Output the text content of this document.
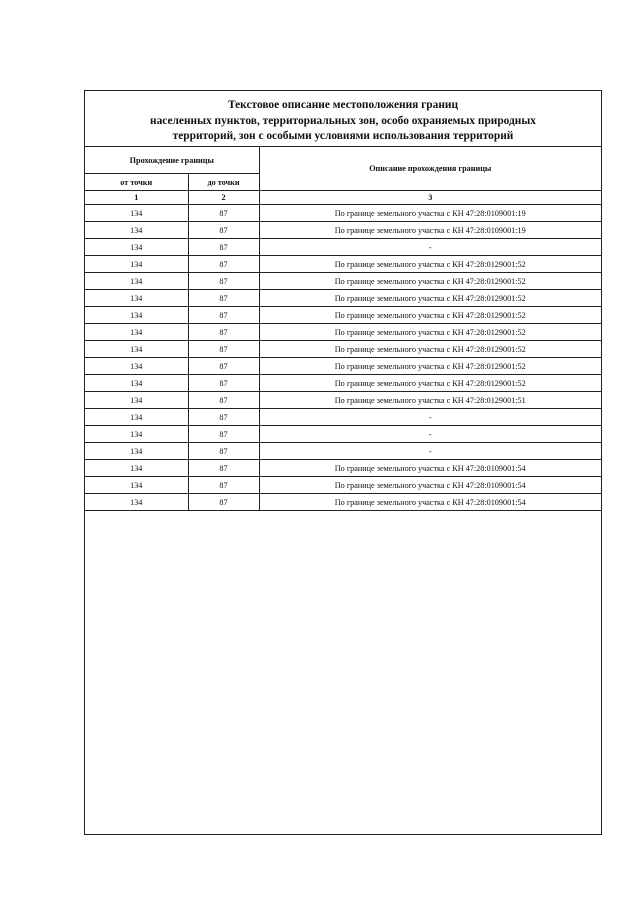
Текстовое описание местоположения границ
населенных пунктов, территориальных зон, особо охраняемых природных
территорий, зон с особыми условиями использования территорий
Прохождение границы		Описание прохождения границы
от точки	до точки	
1	2	3
134	87	По границе земельного участка с КН 47:28:0109001:19
134	87	По границе земельного участка с КН 47:28:0109001:19
134	87	-
134	87	По границе земельного участка с КН 47:28:0129001:52
134	87	По границе земельного участка с КН 47:28:0129001:52
134	87	По границе земельного участка с КН 47:28:0129001:52
134	87	По границе земельного участка с КН 47:28:0129001:52
134	87	По границе земельного участка с КН 47:28:0129001:52
134	87	По границе земельного участка с КН 47:28:0129001:52
134	87	По границе земельного участка с КН 47:28:0129001:52
134	87	По границе земельного участка с КН 47:28:0129001:52
134	87	По границе земельного участка с КН 47:28:0129001:51
134	87	-
134	87	-
134	87	-
134	87	По границе земельного участка с КН 47:28:0109001:54
134	87	По границе земельного участка с КН 47:28:0109001:54
134	87	По границе земельного участка с КН 47:28:0109001:54
